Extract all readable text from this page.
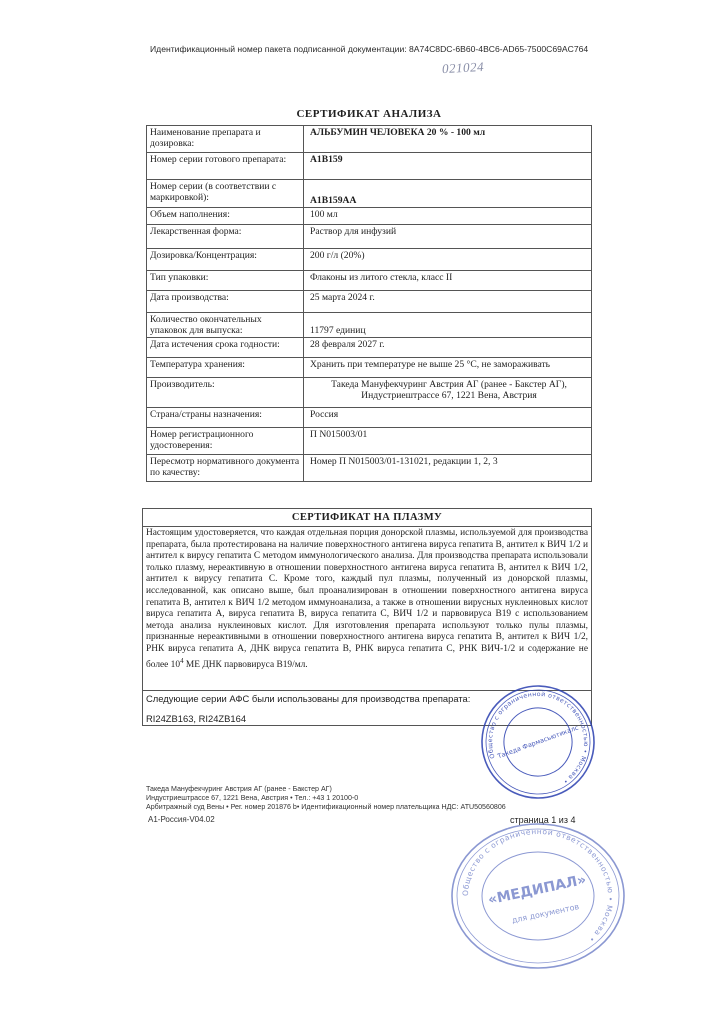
Идентификационный номер пакета подписанной документации: 8A74C8DC-6B60-4BC6-AD65-7500C69AC764
021024
СЕРТИФИКАТ АНАЛИЗА
Наименование препарата и дозировка:	АЛЬБУМИН ЧЕЛОВЕКА 20 % - 100 мл
Номер серии готового препарата:	A1B159
Номер серии (в соответствии с маркировкой):	A1B159AA
Объем наполнения:	100 мл
Лекарственная форма:	Раствор для инфузий
Дозировка/Концентрация:	200 г/л (20%)
Тип упаковки:	Флаконы из литого стекла, класс II
Дата производства:	25 марта 2024 г.
Количество окончательных упаковок для выпуска:	11797 единиц
Дата истечения срока годности:	28 февраля 2027 г.
Температура хранения:	Хранить при температуре не выше 25 °С, не замораживать
Производитель:	Такеда Мануфекчуринг Австрия АГ (ранее - Бакстер АГ), Индустриештрассе 67, 1221 Вена, Австрия
Страна/страны назначения:	Россия
Номер регистрационного удостоверения:	П N015003/01
Пересмотр нормативного документа по качеству:	Номер П N015003/01-131021, редакции 1, 2, 3
СЕРТИФИКАТ НА ПЛАЗМУ
Настоящим удостоверяется, что каждая отдельная порция донорской плазмы, используемой для производства препарата, была протестирована на наличие поверхностного антигена вируса гепатита В, антител к ВИЧ 1/2 и антител к вирусу гепатита С методом иммунологического анализа. Для производства препарата использовали только плазму, нереактивную в отношении поверхностного антигена вируса гепатита В, антител к ВИЧ 1/2, антител к вирусу гепатита С. Кроме того, каждый пул плазмы, полученный из донорской плазмы, исследованной, как описано выше, был проанализирован в отношении поверхностного антигена вируса гепатита В, антител к ВИЧ 1/2 методом иммуноанализа, а также в отношении вирусных нуклеиновых кислот вируса гепатита А, вируса гепатита В, вируса гепатита С, ВИЧ 1/2 и парвовируса В19 с использованием метода анализа нуклеиновых кислот. Для изготовления препарата используют только пулы плазмы, признанные нереактивными в отношении поверхностного антигена вируса гепатита В, антител к ВИЧ 1/2, РНК вируса гепатита А, ДНК вируса гепатита В, РНК вируса гепатита С, РНК ВИЧ-1/2 и содержание не более $10^4$ МЕ ДНК парвовируса В19/мл.
Следующие серии АФС были использованы для производства препарата:
RI24ZB163, RI24ZB164
Общество с ограниченной ответственностью • Москва •
Такеда Фармасьютикалс
Такеда Мануфекчуринг Австрия АГ (ранее - Бакстер АГ)
Индустриештрассе 67, 1221 Вена, Австрия • Тел.: +43 1 20100-0
Арбитражный суд Вены • Рег. номер 201876 b• Идентификационный номер плательщика НДС: ATU50560806
A1-Россия-V04.02	страница 1 из 4
Общество с ограниченной ответственностью • Москва •
«МЕДИПАЛ»
для документов
